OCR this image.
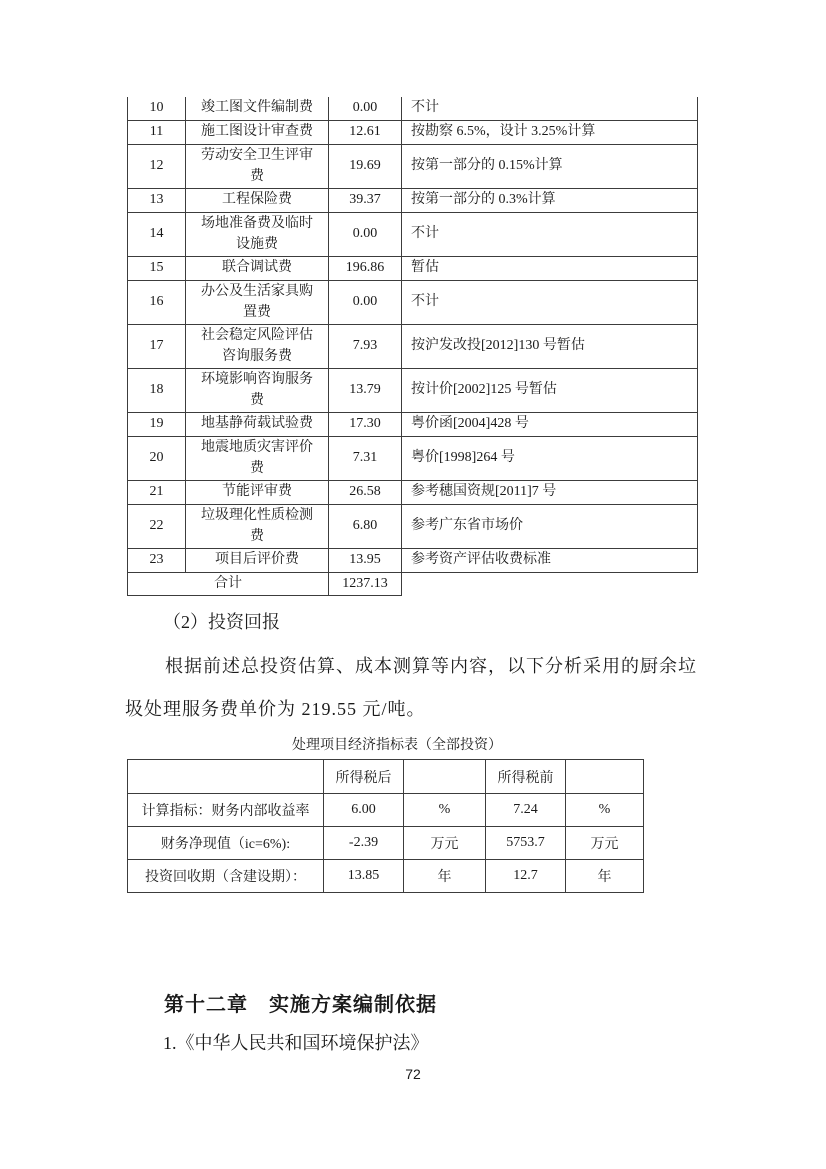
10	竣工图文件编制费	0.00	不计
11	施工图设计审查费	12.61	按勘察 6.5%，设计 3.25%计算
12	劳动安全卫生评审费	19.69	按第一部分的 0.15%计算
13	工程保险费	39.37	按第一部分的 0.3%计算
14	场地准备费及临时设施费	0.00	不计
15	联合调试费	196.86	暂估
16	办公及生活家具购置费	0.00	不计
17	社会稳定风险评估咨询服务费	7.93	按沪发改投[2012]130 号暂估
18	环境影响咨询服务费	13.79	按计价[2002]125 号暂估
19	地基静荷载试验费	17.30	粤价函[2004]428 号
20	地震地质灾害评价费	7.31	粤价[1998]264 号
21	节能评审费	26.58	参考穗国资规[2011]7 号
22	垃圾理化性质检测费	6.80	参考广东省市场价
23	项目后评价费	13.95	参考资产评估收费标准
合计		1237.13	
（2）投资回报
根据前述总投资估算、成本测算等内容，以下分析采用的厨余垃
圾处理服务费单价为 219.55 元/吨。
处理项目经济指标表（全部投资）
	所得税后		所得税前	
计算指标：财务内部收益率	6.00	%	7.24	%
财务净现值（ic=6%):	-2.39	万元	5753.7	万元
投资回收期（含建设期）：	13.85	年	12.7	年
第十二章　实施方案编制依据
1.《中华人民共和国环境保护法》
72
